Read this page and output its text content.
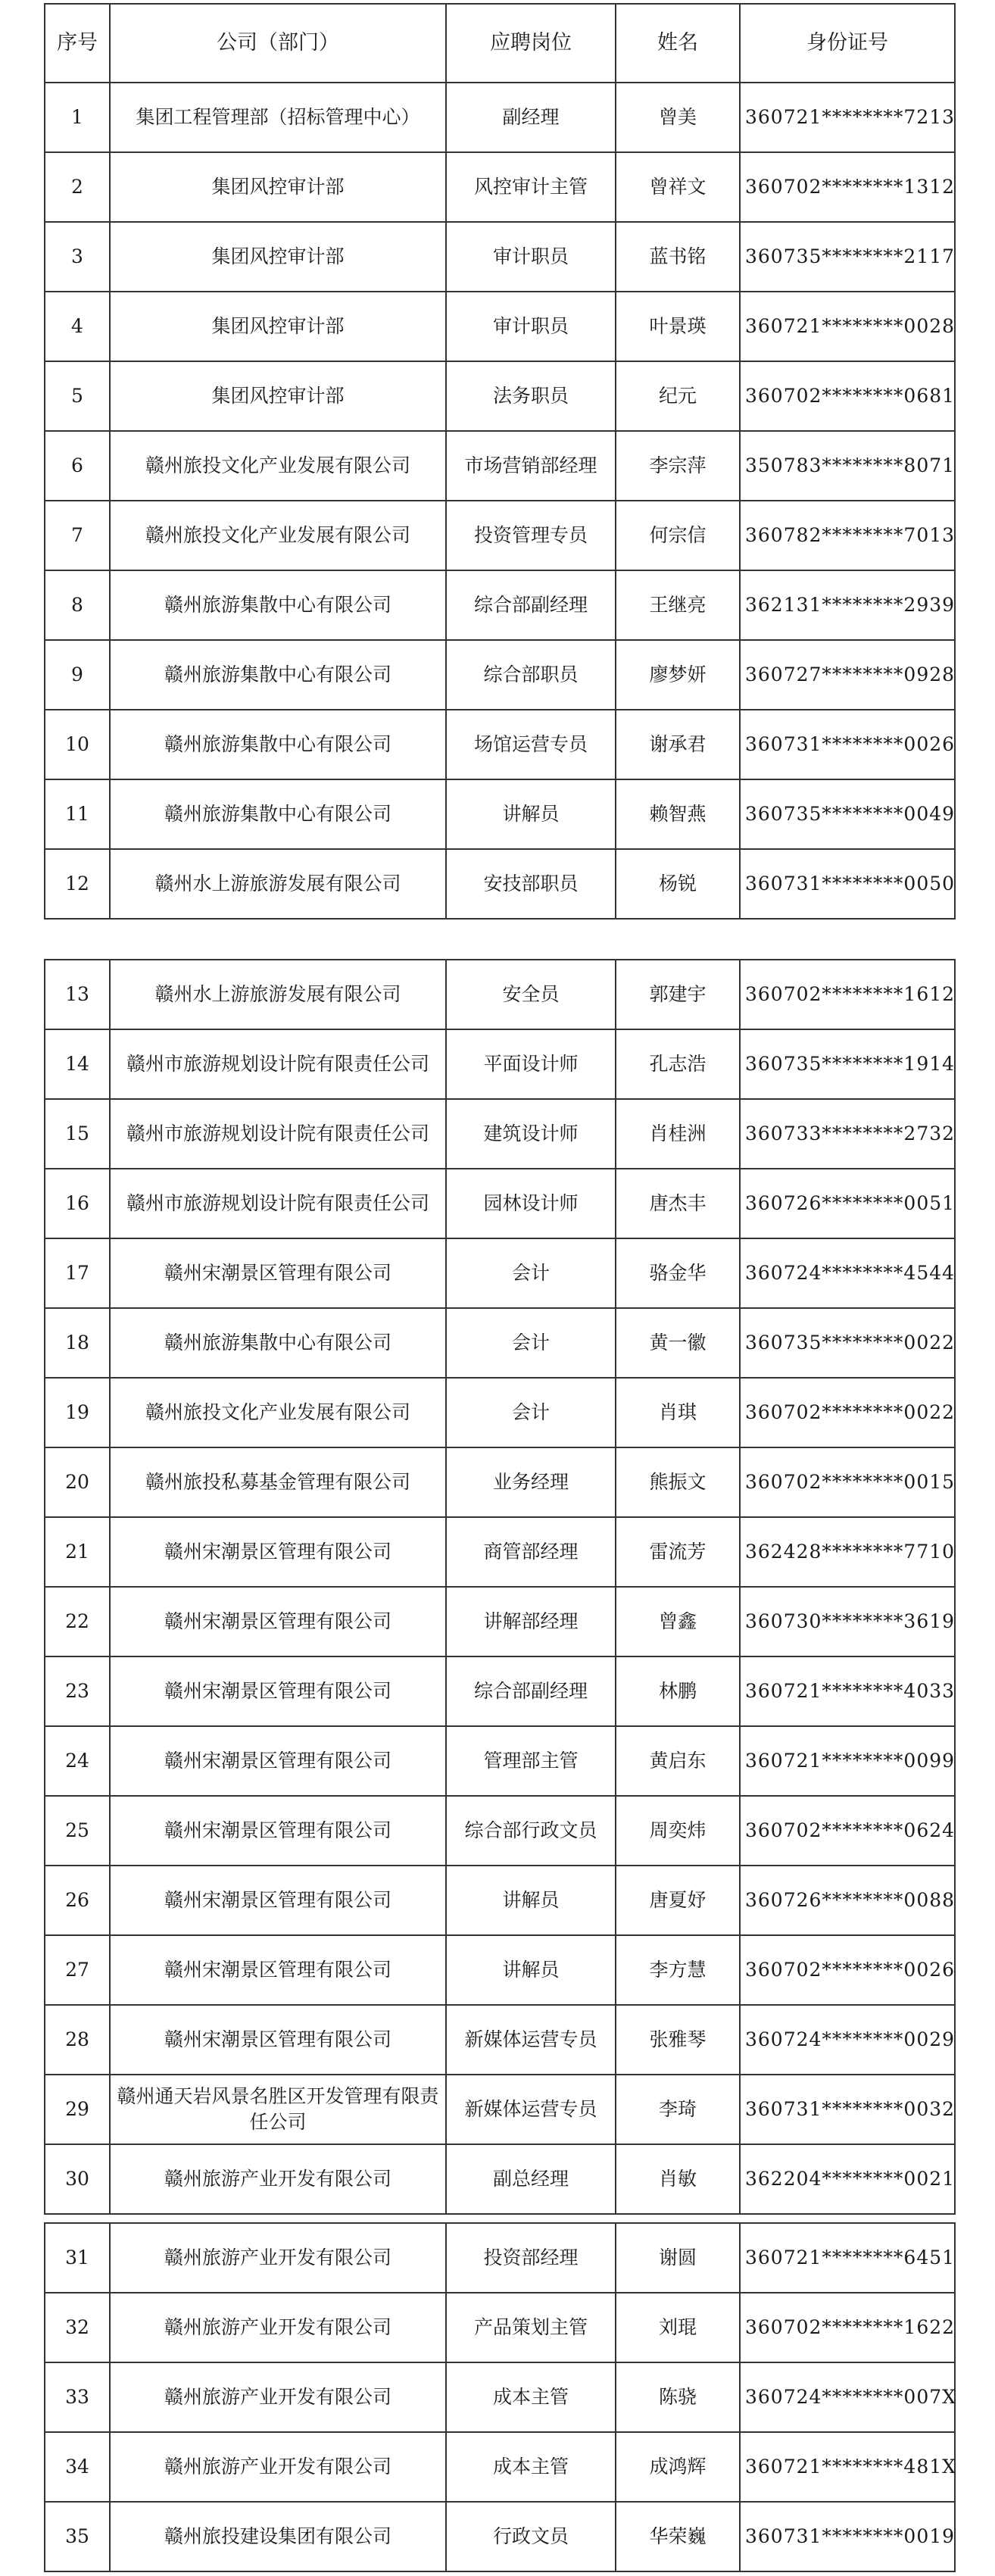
序号	公司（部门）	应聘岗位	姓名	身份证号
1	集团工程管理部（招标管理中心）	副经理	曾美	360721********7213
2	集团风控审计部	风控审计主管	曾祥文	360702********1312
3	集团风控审计部	审计职员	蓝书铭	360735********2117
4	集团风控审计部	审计职员	叶景瑛	360721********0028
5	集团风控审计部	法务职员	纪元	360702********0681
6	赣州旅投文化产业发展有限公司	市场营销部经理	李宗萍	350783********8071
7	赣州旅投文化产业发展有限公司	投资管理专员	何宗信	360782********7013
8	赣州旅游集散中心有限公司	综合部副经理	王继亮	362131********2939
9	赣州旅游集散中心有限公司	综合部职员	廖梦妍	360727********0928
10	赣州旅游集散中心有限公司	场馆运营专员	谢承君	360731********0026
11	赣州旅游集散中心有限公司	讲解员	赖智燕	360735********0049
12	赣州水上游旅游发展有限公司	安技部职员	杨锐	360731********0050
13	赣州水上游旅游发展有限公司	安全员	郭建宇	360702********1612
14	赣州市旅游规划设计院有限责任公司	平面设计师	孔志浩	360735********1914
15	赣州市旅游规划设计院有限责任公司	建筑设计师	肖桂洲	360733********2732
16	赣州市旅游规划设计院有限责任公司	园林设计师	唐杰丰	360726********0051
17	赣州宋潮景区管理有限公司	会计	骆金华	360724********4544
18	赣州旅游集散中心有限公司	会计	黄一徽	360735********0022
19	赣州旅投文化产业发展有限公司	会计	肖琪	360702********0022
20	赣州旅投私募基金管理有限公司	业务经理	熊振文	360702********0015
21	赣州宋潮景区管理有限公司	商管部经理	雷流芳	362428********7710
22	赣州宋潮景区管理有限公司	讲解部经理	曾鑫	360730********3619
23	赣州宋潮景区管理有限公司	综合部副经理	林鹏	360721********4033
24	赣州宋潮景区管理有限公司	管理部主管	黄启东	360721********0099
25	赣州宋潮景区管理有限公司	综合部行政文员	周奕炜	360702********0624
26	赣州宋潮景区管理有限公司	讲解员	唐夏妤	360726********0088
27	赣州宋潮景区管理有限公司	讲解员	李方慧	360702********0026
28	赣州宋潮景区管理有限公司	新媒体运营专员	张雅琴	360724********0029
29	赣州通天岩风景名胜区开发管理有限责任公司	新媒体运营专员	李琦	360731********0032
30	赣州旅游产业开发有限公司	副总经理	肖敏	362204********0021
31	赣州旅游产业开发有限公司	投资部经理	谢圆	360721********6451
32	赣州旅游产业开发有限公司	产品策划主管	刘琨	360702********1622
33	赣州旅游产业开发有限公司	成本主管	陈骁	360724********007X
34	赣州旅游产业开发有限公司	成本主管	成鸿辉	360721********481X
35	赣州旅投建设集团有限公司	行政文员	华荣巍	360731********0019
